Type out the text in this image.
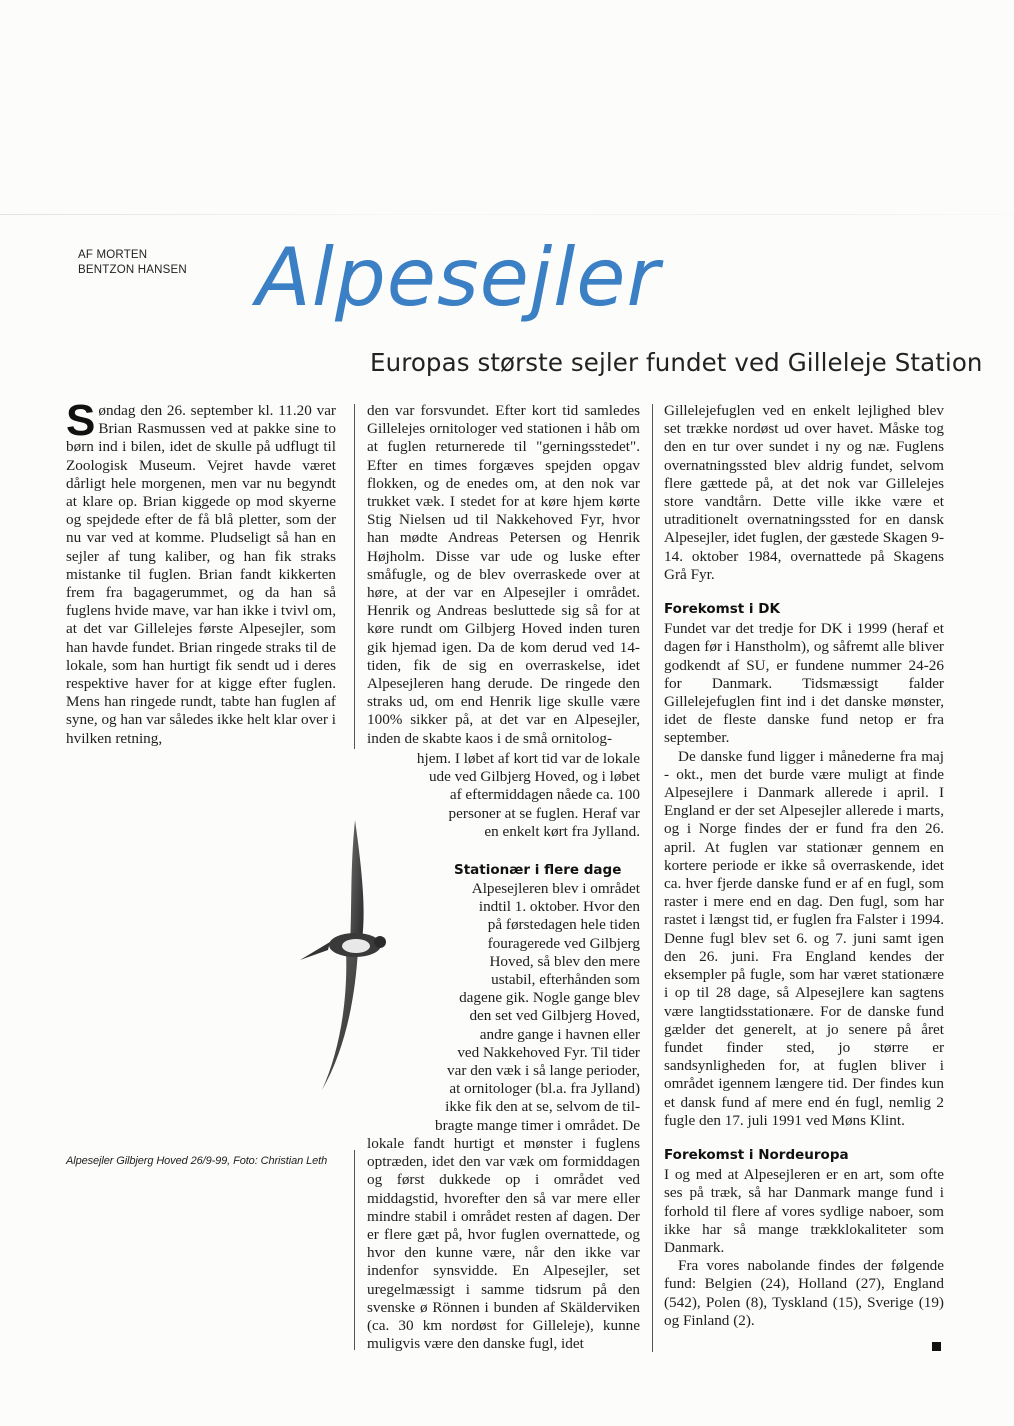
AF MORTEN
BENTZON HANSEN Alpesejler
Europas største sejler fundet ved Gilleleje Station

Søndag den 26. september kl. 11.20 var Brian Rasmussen ved at pakke sine to børn ind i bilen, idet de skulle på udflugt til Zoologisk Museum. Vejret havde været dårligt hele morgenen, men var nu begyndt at klare op. Brian kiggede op mod skyerne og spejdede efter de få blå pletter, som der nu var ved at komme. Pludseligt så han en sejler af tung kaliber, og han fik straks mistanke til fuglen. Brian fandt kikkerten frem fra bagagerummet, og da han så fuglens hvide mave, var han ikke i tvivl om, at det var Gillelejes første Alpesejler, som han havde fundet. Brian ringede straks til de lokale, som han hurtigt fik sendt ud i deres respektive haver for at kigge efter fuglen. Mens han ringede rundt, tabte han fuglen af syne, og han var således ikke helt klar over i hvilken retning,

den var forsvundet. Efter kort tid samledes Gillelejes ornitologer ved stationen i håb om at fuglen returnerede til "gerningsstedet". Efter en times forgæves spejden opgav flokken, og de enedes om, at den nok var trukket væk. I stedet for at køre hjem kørte Stig Nielsen ud til Nakkehoved Fyr, hvor han mødte Andreas Petersen og Henrik Højholm. Disse var ude og luske efter småfugle, og de blev overraskede over at høre, at der var en Alpesejler i området. Henrik og Andreas besluttede sig så for at køre rundt om Gilbjerg Hoved inden turen gik hjemad igen. Da de kom derud ved 14-tiden, fik de sig en overraskelse, idet Alpesejleren hang derude. De ringede den straks ud, om end Henrik lige skulle være 100% sikker på, at det var en Alpesejler, inden de skabte kaos i de små ornitolog-

hjem. I løbet af kort tid var de lokale
ude ved Gilbjerg Hoved, og i løbet
af eftermiddagen nåede ca. 100
personer at se fuglen. Heraf var
en enkelt kørt fra Jylland.
Stationær i flere dage
Alpesejleren blev i området
indtil 1. oktober. Hvor den
på førstedagen hele tiden
fouragerede ved Gilbjerg
Hoved, så blev den mere
ustabil, efterhånden som
dagene gik. Nogle gange blev
den set ved Gilbjerg Hoved,
andre gange i havnen eller
ved Nakkehoved Fyr. Til tider
var den væk i så lange perioder,
at ornitologer (bl.a. fra Jylland)
ikke fik den at se, selvom de til-
bragte mange timer i området. De

lokale fandt hurtigt et mønster i fuglens optræden, idet den var væk om formiddagen og først dukkede op i området ved middagstid, hvorefter den så var mere eller mindre stabil i området resten af dagen. Der er flere gæt på, hvor fuglen overnattede, og hvor den kunne være, når den ikke var indenfor synsvidde. En Alpesejler, set uregelmæssigt i samme tidsrum på den svenske ø Rönnen i bunden af Skälderviken (ca. 30 km nordøst for Gilleleje), kunne muligvis være den danske fugl, idet

Gillelejefuglen ved en enkelt lejlighed blev set trække nordøst ud over havet. Måske tog den en tur over sundet i ny og næ. Fuglens overnatningssted blev aldrig fundet, selvom flere gættede på, at det nok var Gillelejes store vandtårn. Dette ville ikke være et utraditionelt overnatningssted for en dansk Alpesejler, idet fuglen, der gæstede Skagen 9-14. oktober 1984, overnattede på Skagens Grå Fyr.

Forekomst i DK

Fundet var det tredje for DK i 1999 (heraf et dagen før i Hanstholm), og såfremt alle bliver godkendt af SU, er fundene nummer 24-26 for Danmark. Tidsmæssigt falder Gillelejefuglen fint ind i det danske mønster, idet de fleste danske fund netop er fra september.

De danske fund ligger i månederne fra maj - okt., men det burde være muligt at finde Alpesejlere i Danmark allerede i april. I England er der set Alpesejler allerede i marts, og i Norge findes der er fund fra den 26. april. At fuglen var stationær gennem en kortere periode er ikke så overraskende, idet ca. hver fjerde danske fund er af en fugl, som raster i mere end en dag. Den fugl, som har rastet i længst tid, er fuglen fra Falster i 1994. Denne fugl blev set 6. og 7. juni samt igen den 26. juni. Fra England kendes der eksempler på fugle, som har været stationære i op til 28 dage, så Alpesejlere kan sagtens være langtidsstationære. For de danske fund gælder det generelt, at jo senere på året fundet finder sted, jo større er sandsynligheden for, at fuglen bliver i området igennem længere tid. Der findes kun et dansk fund af mere end én fugl, nemlig 2 fugle den 17. juli 1991 ved Møns Klint.

Forekomst i Nordeuropa

I og med at Alpesejleren er en art, som ofte ses på træk, så har Danmark mange fund i forhold til flere af vores sydlige naboer, som ikke har så mange trækklokaliteter som Danmark.

Fra vores nabolande findes der følgende fund: Belgien (24), Holland (27), England (542), Polen (8), Tyskland (15), Sverige (19) og Finland (2).

Alpesejler Gilbjerg Hoved 26/9-99, Foto: Christian Leth
